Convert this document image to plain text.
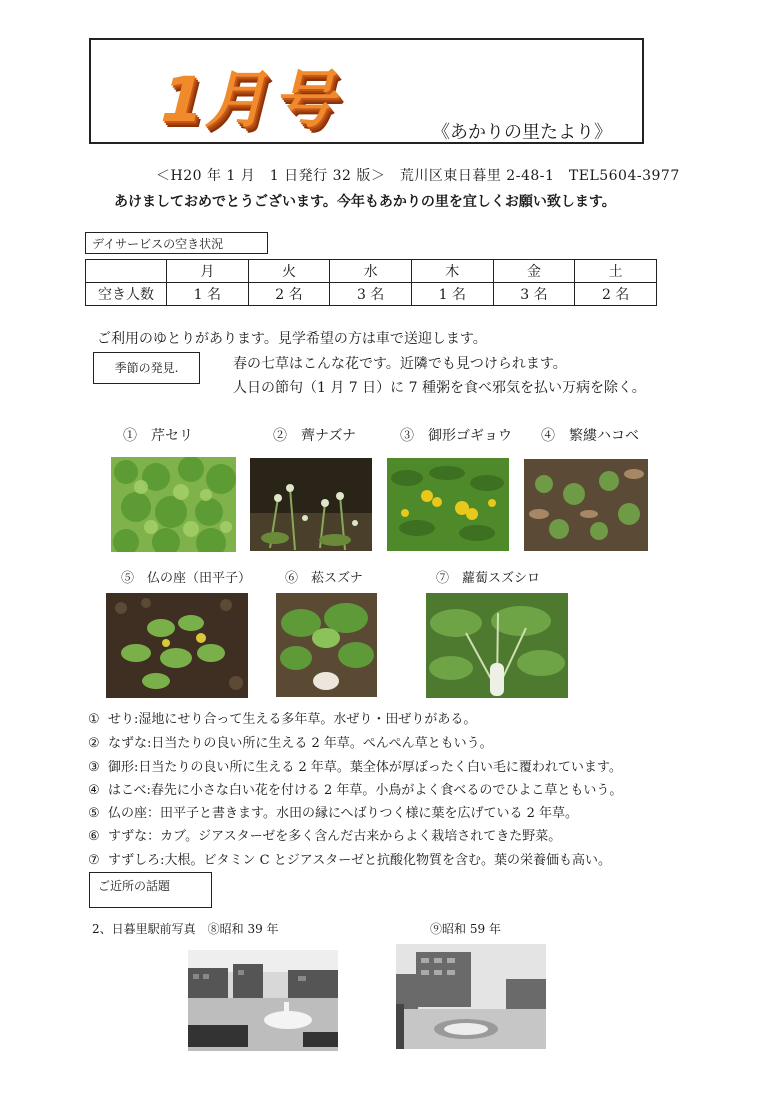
1月号	《あかりの里たより》
＜H20 年 1 月　1 日発行 32 版＞　荒川区東日暮里 2-48-1　TEL5604-3977
あけましておめでとうございます。今年もあかりの里を宜しくお願い致します。
デイサービスの空き状況
	月	火	水	木	金	土
空き人数	1 名	2 名	3 名	1 名	3 名	2 名
ご利用のゆとりがあります。見学希望の方は車で送迎します。
季節の発見.	春の七草はこんな花です。近隣でも見つけられます。
人日の節句（1 月 7 日）に 7 種粥を食べ邪気を払い万病を除く。
①　芹セリ	②　薺ナズナ	③　御形ゴギョウ ④　繁縷ハコベ
⑤　仏の座（田平子）	⑥　菘スズナ	⑦　蘿蔔スズシロ
① せり:湿地にせり合って生える多年草。水ぜり・田ぜりがある。
② なずな:日当たりの良い所に生える 2 年草。ぺんぺん草ともいう。
③ 御形:日当たりの良い所に生える 2 年草。葉全体が厚ぼったく白い毛に覆われています。
④ はこべ:春先に小さな白い花を付ける 2 年草。小鳥がよく食べるのでひよこ草ともいう。
⑤ 仏の座：田平子と書きます。水田の縁にへばりつく様に葉を広げている 2 年草。
⑥ すずな：カブ。ジアスターゼを多く含んだ古来からよく栽培されてきた野菜。
⑦ すずしろ:大根。ビタミン C とジアスターゼと抗酸化物質を含む。葉の栄養価も高い。
ご近所の話題
2、日暮里駅前写真　⑧昭和 39 年	⑨昭和 59 年
